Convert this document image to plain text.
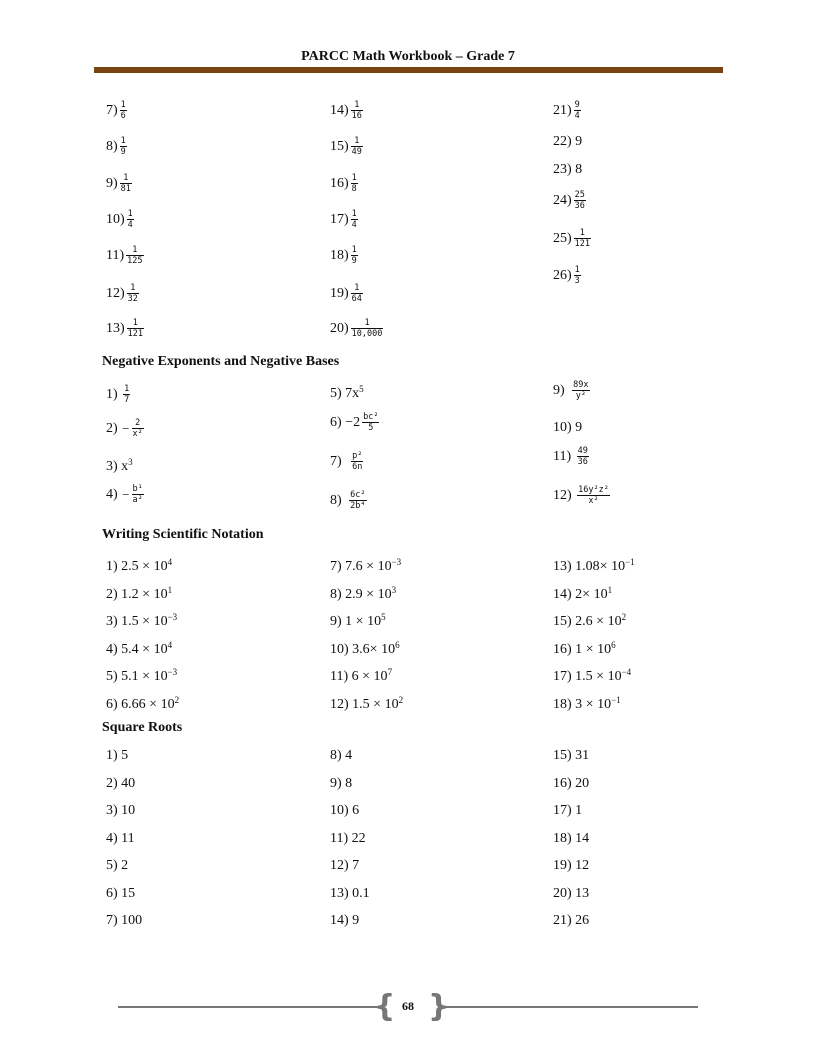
PARCC Math Workbook – Grade 7
$7) \frac{1}{6}$
$8) \frac{1}{9}$
$9) \frac{1}{81}$
$10) \frac{1}{4}$
$11) \frac{1}{125}$
$12) \frac{1}{32}$
$13) \frac{1}{121}$
$14) \frac{1}{16}$
$15) \frac{1}{49}$
$16) \frac{1}{8}$
$17) \frac{1}{4}$
$18) \frac{1}{9}$
$19) \frac{1}{64}$
$20) \frac{1}{10,000}$
$21) \frac{9}{4}$
$24) \frac{25}{36}$
$25) \frac{1}{121}$
$26) \frac{1}{3}$
22) 9
23) 8
Negative Exponents and Negative Bases
$1) \frac{1}{7}$
$2) - \frac{2}{\text{x²}}$
3) $x^3$
$4) - \frac{\text{b¹}}{\text{a²}}$
5) $7x^5$
$6) -2 \frac{\text{bc²}}{5}$
$7) \frac{\text{p²}}{6n}$
$8) \frac{\text{6c²}}{\text{2b⁴}}$
$9) \frac{89x}{\text{y²}}$
10) 9
$11) \frac{49}{36}$
$12) \frac{\text{16y²z²}}{\text{x²}}$
Writing Scientific Notation
1) $2.5 \times 10^4$
2) $1.2 \times 10^1$
3) $1.5 \times 10^{-3}$
4) $5.4 \times 10^4$
5) $5.1 \times 10^{-3}$
6) $6.66 \times 10^2$
7) $7.6 \times 10^{-3}$
8) $2.9 \times 10^3$
9) $1 \times 10^5$
10) $3.6\times 10^6$
11) $6 \times 10^7$
12) $1.5 \times 10^2$
13) $1.08\times 10^{-1}$
14) $2\times 10^1$
15) $2.6 \times 10^2$
16) $1 \times 10^6$
17) $1.5 \times 10^{-4}$
18) $3 \times 10^{-1}$
Square Roots
1) 5
2) 40
3) 10
4) 11
5) 2
6) 15
7) 100
8) 4
9) 8
10) 6
11) 22
12) 7
13) 0.1
14) 9
15) 31
16) 20
17) 1
18) 14
19) 12
20) 13
21) 26
{ }
68
